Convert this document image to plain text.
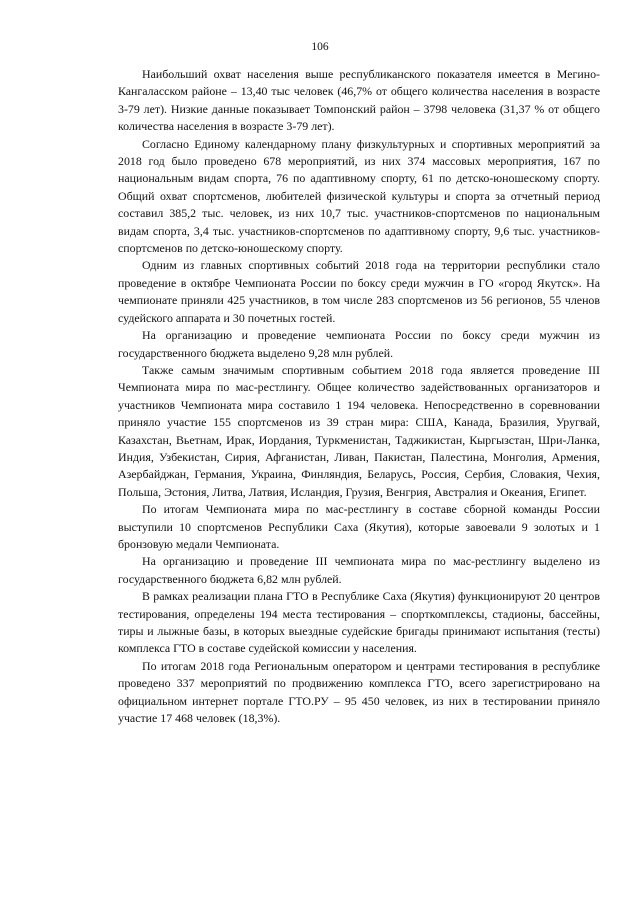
106

Наибольший охват населения выше республиканского показателя имеется в Мегино-Кангаласском районе – 13,40 тыс человек (46,7% от общего количества населения в возрасте 3-79 лет). Низкие данные показывает Томпонский район – 3798 человека (31,37 % от общего количества населения в возрасте 3-79 лет).

Согласно Единому календарному плану физкультурных и спортивных мероприятий за 2018 год было проведено 678 мероприятий, из них 374 массовых мероприятия, 167 по национальным видам спорта, 76 по адаптивному спорту, 61 по детско-юношескому спорту. Общий охват спортсменов, любителей физической культуры и спорта за отчетный период составил 385,2 тыс. человек, из них 10,7 тыс. участников-спортсменов по национальным видам спорта, 3,4 тыс. участников-спортсменов по адаптивному спорту, 9,6 тыс. участников-спортсменов по детско-юношескому спорту.

Одним из главных спортивных событий 2018 года на территории республики стало проведение в октябре Чемпионата России по боксу среди мужчин в ГО «город Якутск». На чемпионате приняли 425 участников, в том числе 283 спортсменов из 56 регионов, 55 членов судейского аппарата и 30 почетных гостей.

На организацию и проведение чемпионата России по боксу среди мужчин из государственного бюджета выделено 9,28 млн рублей.

Также самым значимым спортивным событием 2018 года является проведение III Чемпионата мира по мас-рестлингу. Общее количество задействованных организаторов и участников Чемпионата мира составило 1 194 человека. Непосредственно в соревновании приняло участие 155 спортсменов из 39 стран мира: США, Канада, Бразилия, Уругвай, Казахстан, Вьетнам, Ирак, Иордания, Туркменистан, Таджикистан, Кыргызстан, Шри-Ланка, Индия, Узбекистан, Сирия, Афганистан, Ливан, Пакистан, Палестина, Монголия, Армения, Азербайджан, Германия, Украина, Финляндия, Беларусь, Россия, Сербия, Словакия, Чехия, Польша, Эстония, Литва, Латвия, Исландия, Грузия, Венгрия, Австралия и Океания, Египет.

По итогам Чемпионата мира по мас-рестлингу в составе сборной команды России выступили 10 спортсменов Республики Саха (Якутия), которые завоевали 9 золотых и 1 бронзовую медали Чемпионата.

На организацию и проведение III чемпионата мира по мас-рестлингу выделено из государственного бюджета 6,82 млн рублей.

В рамках реализации плана ГТО в Республике Саха (Якутия) функционируют 20 центров тестирования, определены 194 места тестирования – спорткомплексы, стадионы, бассейны, тиры и лыжные базы, в которых выездные судейские бригады принимают испытания (тесты) комплекса ГТО в составе судейской комиссии у населения.

По итогам 2018 года Региональным оператором и центрами тестирования в республике проведено 337 мероприятий по продвижению комплекса ГТО, всего зарегистрировано на официальном интернет портале ГТО.РУ – 95 450 человек, из них в тестировании приняло участие 17 468 человек (18,3%).
